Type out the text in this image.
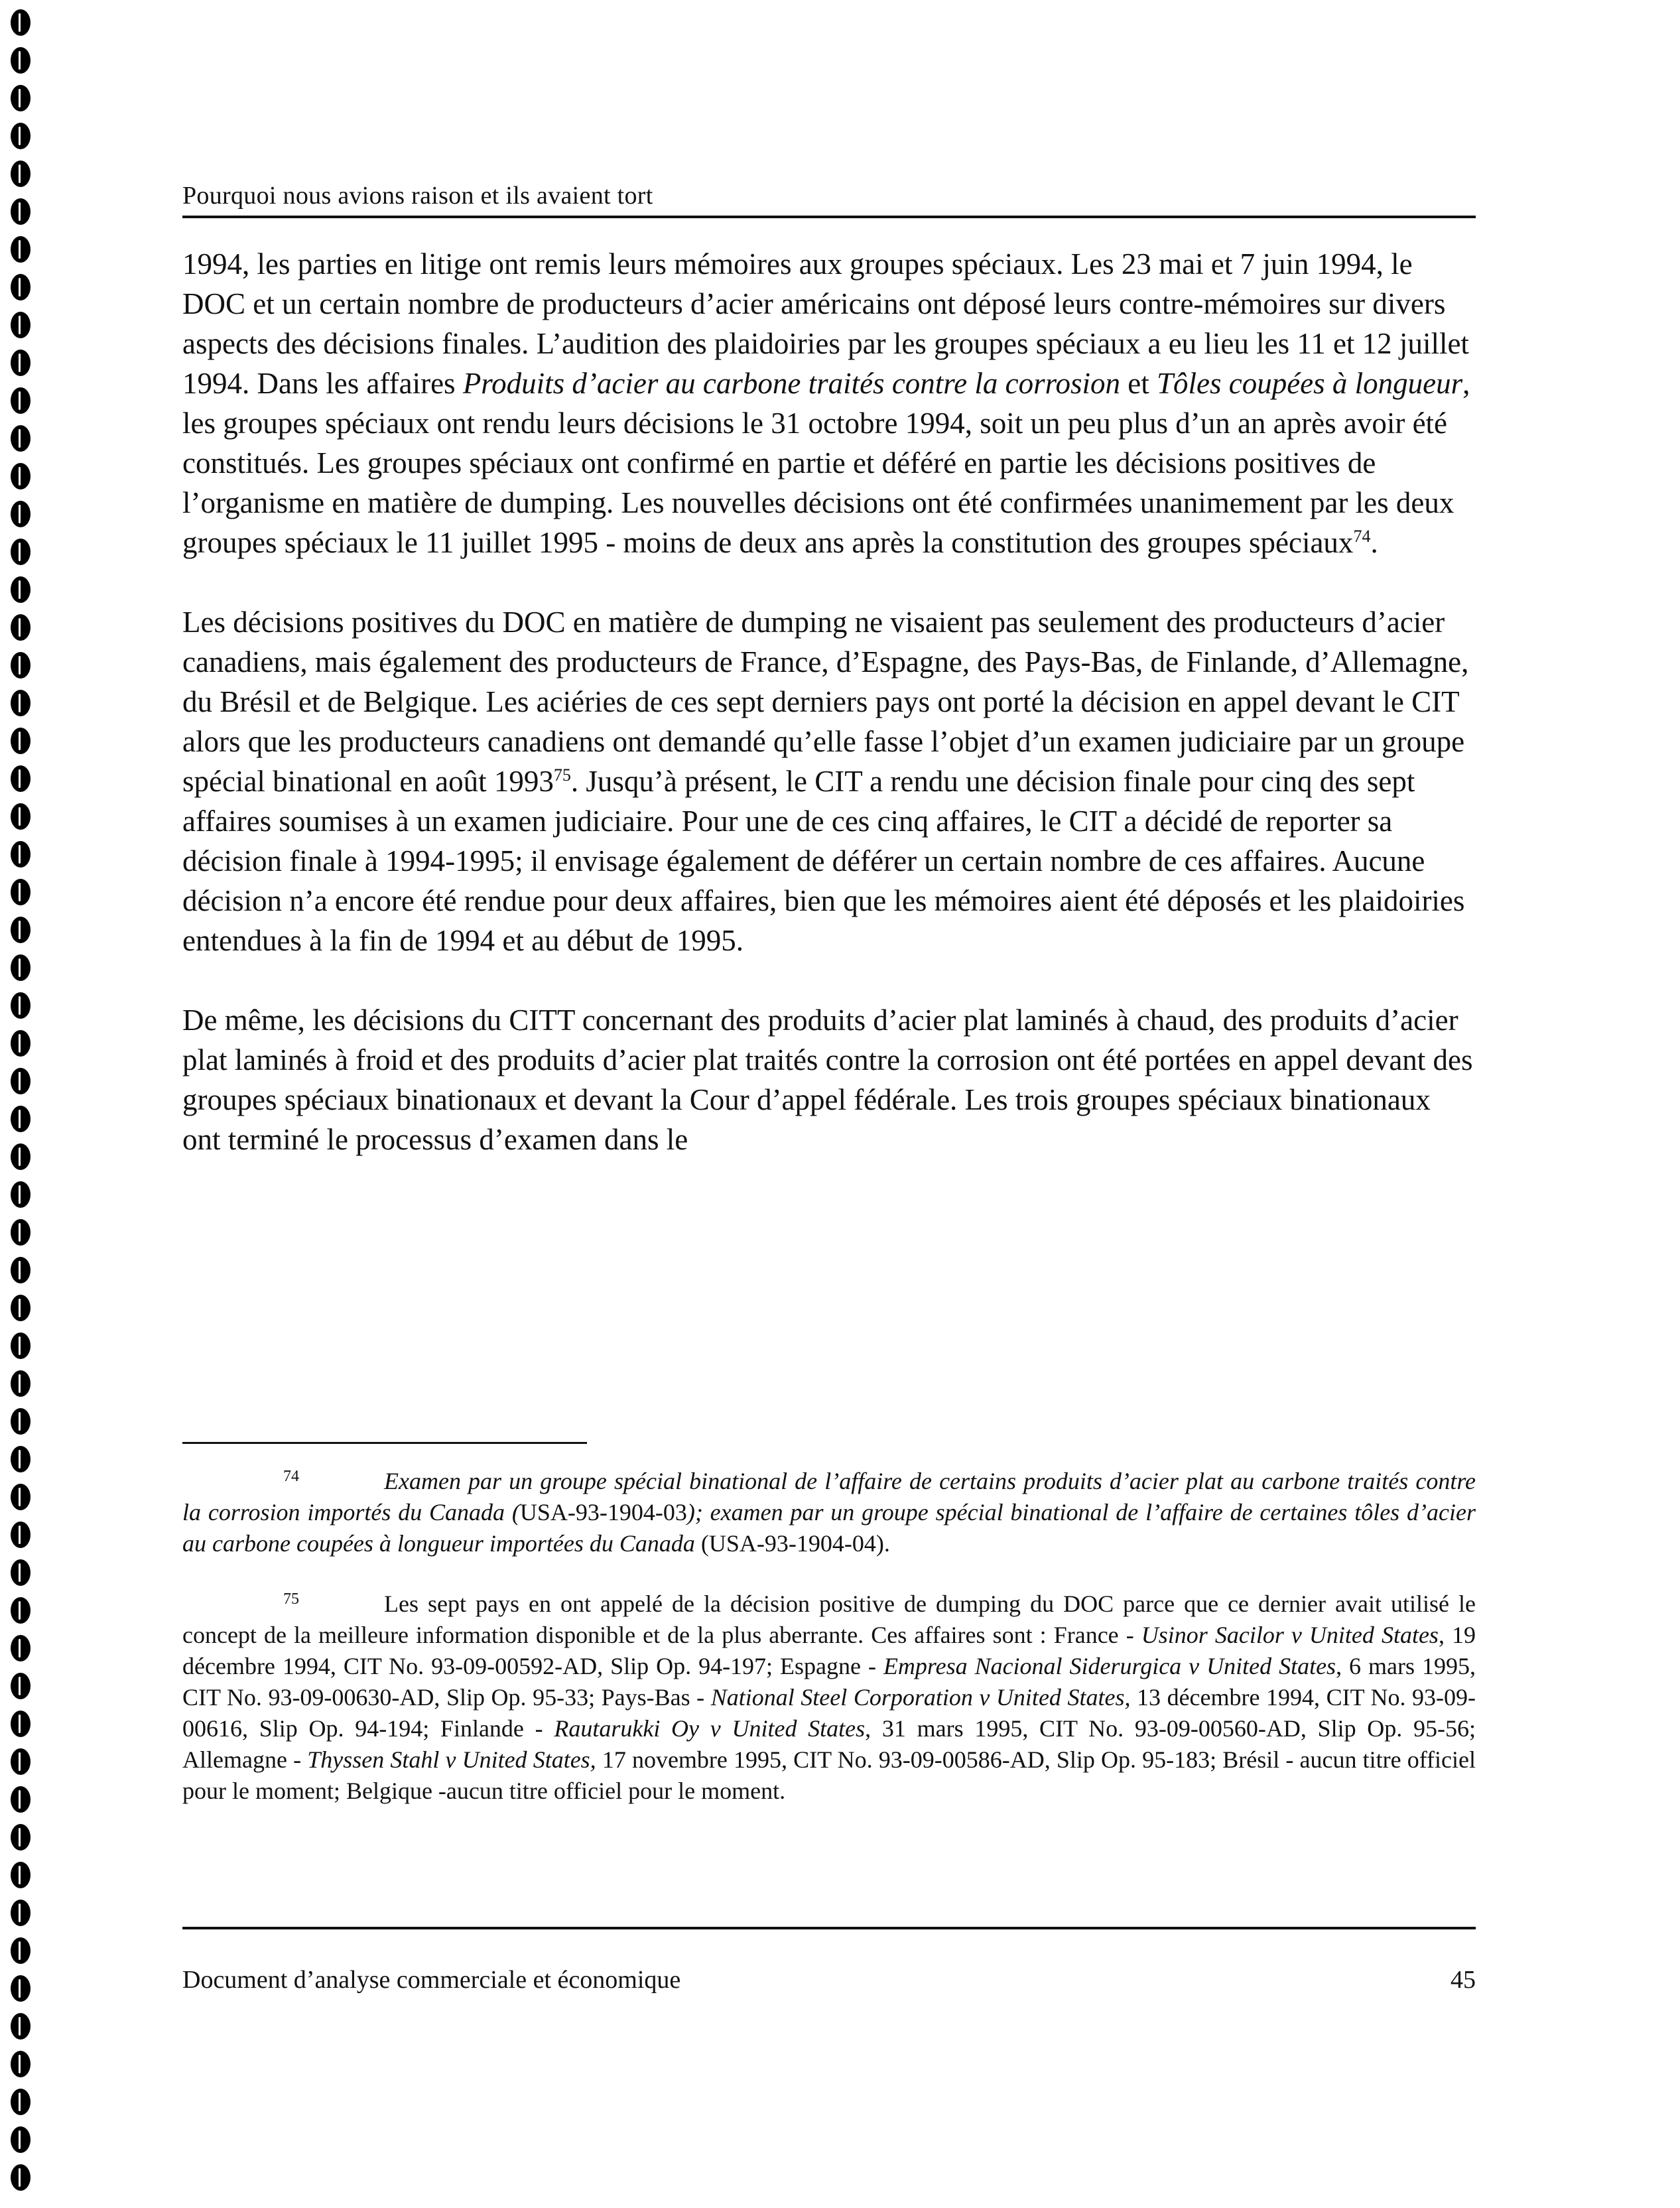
Pourquoi nous avions raison et ils avaient tort

1994, les parties en litige ont remis leurs mémoires aux groupes spéciaux. Les 23 mai et 7 juin 1994, le DOC et un certain nombre de producteurs d’acier américains ont déposé leurs contre-mémoires sur divers aspects des décisions finales. L’audition des plaidoiries par les groupes spéciaux a eu lieu les 11 et 12 juillet 1994. Dans les affaires Produits d’acier au carbone traités contre la corrosion et Tôles coupées à longueur, les groupes spéciaux ont rendu leurs décisions le 31 octobre 1994, soit un peu plus d’un an après avoir été constitués. Les groupes spéciaux ont confirmé en partie et déféré en partie les décisions positives de l’organisme en matière de dumping. Les nouvelles décisions ont été confirmées unanimement par les deux groupes spéciaux le 11 juillet 1995 - moins de deux ans après la constitution des groupes spéciaux$^{74}$.

Les décisions positives du DOC en matière de dumping ne visaient pas seulement des producteurs d’acier canadiens, mais également des producteurs de France, d’Espagne, des Pays-Bas, de Finlande, d’Allemagne, du Brésil et de Belgique. Les aciéries de ces sept derniers pays ont porté la décision en appel devant le CIT alors que les producteurs canadiens ont demandé qu’elle fasse l’objet d’un examen judiciaire par un groupe spécial binational en août 1993$^{75}$. Jusqu’à présent, le CIT a rendu une décision finale pour cinq des sept affaires soumises à un examen judiciaire. Pour une de ces cinq affaires, le CIT a décidé de reporter sa décision finale à 1994-1995; il envisage également de déférer un certain nombre de ces affaires. Aucune décision n’a encore été rendue pour deux affaires, bien que les mémoires aient été déposés et les plaidoiries entendues à la fin de 1994 et au début de 1995.

De même, les décisions du CITT concernant des produits d’acier plat laminés à chaud, des produits d’acier plat laminés à froid et des produits d’acier plat traités contre la corrosion ont été portées en appel devant des groupes spéciaux binationaux et devant la Cour d’appel fédérale. Les trois groupes spéciaux binationaux ont terminé le processus d’examen dans le

74	Examen par un groupe spécial binational de l’affaire de certains produits d’acier plat au carbone traités contre la corrosion importés du Canada (USA-93-1904-03); examen par un groupe spécial binational de l’affaire de certaines tôles d’acier au carbone coupées à longueur importées du Canada (USA-93-1904-04).
75	Les sept pays en ont appelé de la décision positive de dumping du DOC parce que ce dernier avait utilisé le concept de la meilleure information disponible et de la plus aberrante. Ces affaires sont : France - Usinor Sacilor v United States, 19 décembre 1994, CIT No. 93-09-00592-AD, Slip Op. 94-197; Espagne - Empresa Nacional Siderurgica v United States, 6 mars 1995, CIT No. 93-09-00630-AD, Slip Op. 95-33; Pays-Bas - National Steel Corporation v United States, 13 décembre 1994, CIT No. 93-09-00616, Slip Op. 94-194; Finlande - Rautarukki Oy v United States, 31 mars 1995, CIT No. 93-09-00560-AD, Slip Op. 95-56; Allemagne - Thyssen Stahl v United States, 17 novembre 1995, CIT No. 93-09-00586-AD, Slip Op. 95-183; Brésil - aucun titre officiel pour le moment; Belgique -aucun titre officiel pour le moment.
Document d’analyse commerciale et économique	45
